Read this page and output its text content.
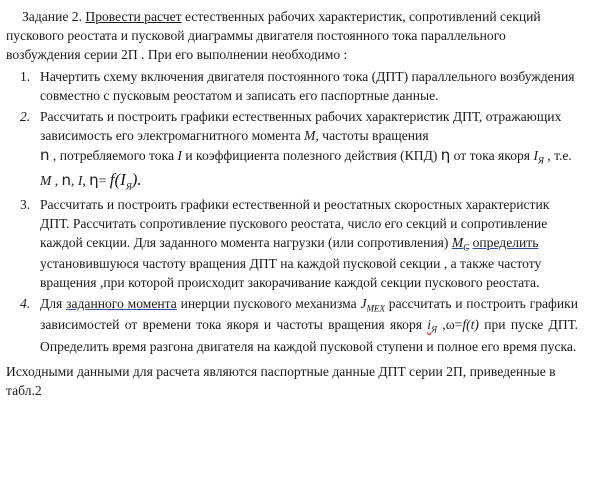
Задание 2. Провести расчет естественных рабочих характеристик, сопротивлений секций пускового реостата и пусковой диаграммы двигателя постоянного тока параллельного возбуждения серии 2П . При его выполнении необходимо :

1. Начертить схему включения двигателя постоянного тока (ДПТ) параллельного возбуждения совместно с пусковым реостатом и записать его паспортные данные.
2. Рассчитать и построить графики естественных рабочих характеристик ДПТ, отражающих зависимость его электромагнитного момента М, частоты вращения
n , потребляемого тока I и коэффициента полезного действия (КПД) η от тока якоря $I_Я$ , т.е. М , n, I, $\eta= f(I_Я)$.
3. Рассчитать и построить графики естественной и реостатных скоростных характеристик ДПТ. Рассчитать сопротивление пускового реостата, число его секций и сопротивление каждой секции. Для заданного момента нагрузки (или сопротивления) $М_С$ определить установившуюся частоту вращения ДПТ на каждой пусковой секции , а также частоту вращения ,при которой происходит закорачивание каждой секции пускового реостата.
4. Для заданного момента инерции пускового механизма $J_{МЕХ}$ рассчитать и построить графики зависимостей от времени тока якоря и частоты вращения якоря $i_Я$ ,ω=f(t) при пуске ДПТ. Определить время разгона двигателя на каждой пусковой ступени и полное его время пуска.

Исходными данными для расчета являются паспортные данные ДПТ серии 2П, приведенные в табл.2
